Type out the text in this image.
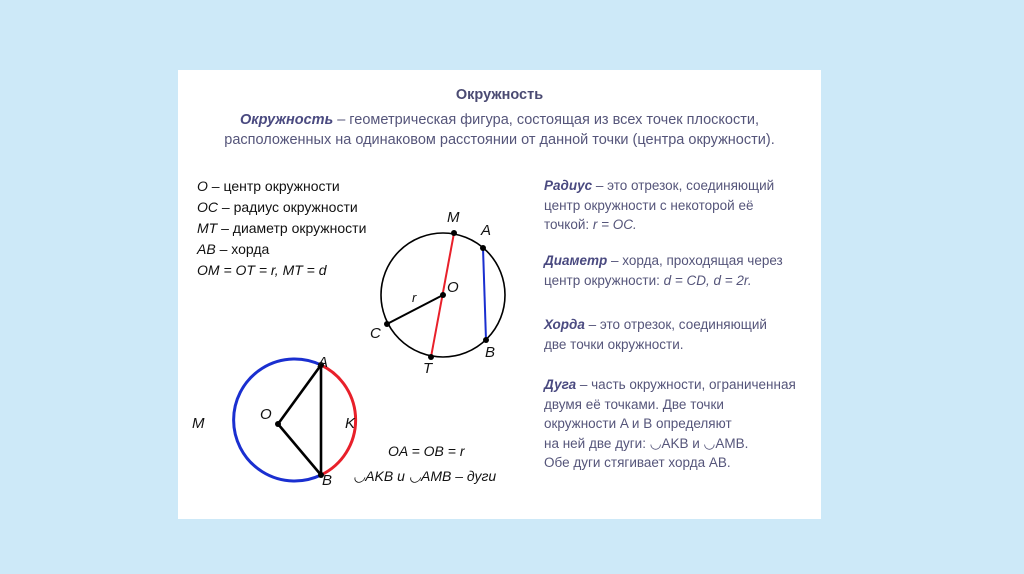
Окружность
Окружность – геометрическая фигура, состоящая из всех точек плоскости,
расположенных на одинаковом расстоянии от данной точки (центра окружности).
O – центр окружности
OC – радиус окружности
MT – диаметр окружности
AB – хорда
OM = OT = r, MT = d
M
A
O
r
C
B
T
A
O
M	K
B
OA = OB = r
◡AKB и ◡AMB – дуги
Радиус – это отрезок, соединяющий
центр окружности с некоторой её
точкой: r = OC.
Диаметр – хорда, проходящая через
центр окружности: d = CD, d = 2r.
Хорда – это отрезок, соединяющий
две точки окружности.
Дуга – часть окружности, ограниченная
двумя её точками. Две точки
окружности A и B определяют
на ней две дуги: ◡AKB и ◡AMB.
Обе дуги стягивает хорда AB.
